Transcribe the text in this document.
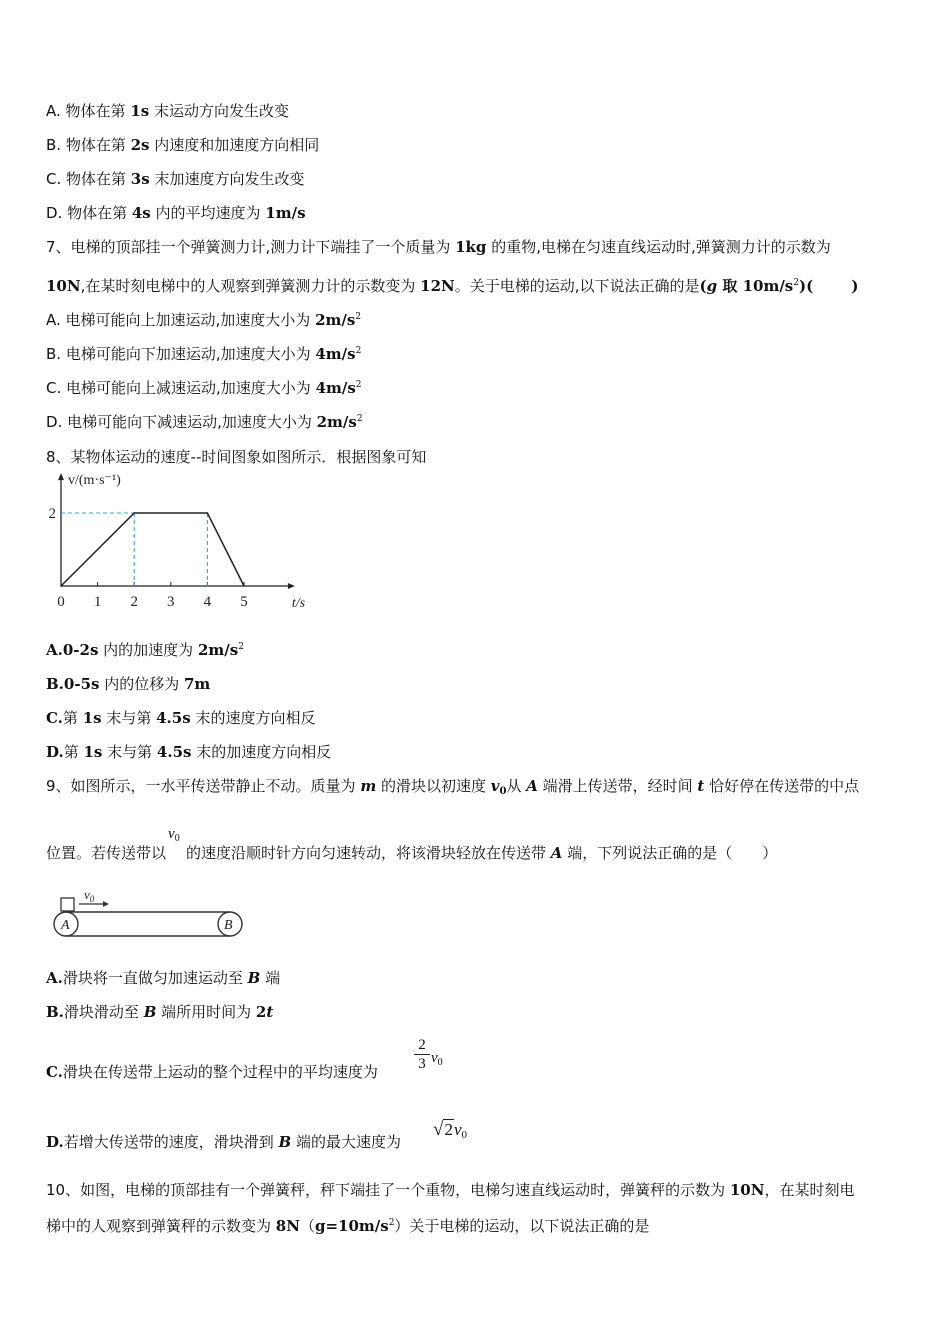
A. 物体在第 1s 末运动方向发生改变
B. 物体在第 2s 内速度和加速度方向相同
C. 物体在第 3s 末加速度方向发生改变
D. 物体在第 4s 内的平均速度为 1m/s
7、电梯的顶部挂一个弹簧测力计,测力计下端挂了一个质量为 1kg 的重物,电梯在匀速直线运动时,弹簧测力计的示数为
10N,在某时刻电梯中的人观察到弹簧测力计的示数变为 12N。关于电梯的运动,以下说法正确的是(g 取 $10m/s^2$)(	)
A. 电梯可能向上加速运动,加速度大小为 $2m/s^2$
B. 电梯可能向下加速运动,加速度大小为 $4m/s^2$
C. 电梯可能向上减速运动,加速度大小为 $4m/s^2$
D. 电梯可能向下减速运动,加速度大小为 $2m/s^2$
8、某物体运动的速度--时间图象如图所示．根据图象可知
0 1 2 3 4 5
2
v/(m·s⁻¹)
t/s
A.0-2s 内的加速度为 $2m/s^2$
B.0-5s 内的位移为 7m
C.第 1s 末与第 4.5s 末的速度方向相反
D.第 1s 末与第 4.5s 末的加速度方向相反
9、如图所示，一水平传送带静止不动。质量为 m 的滑块以初速度 $v_0$从 A 端滑上传送带，经时间 t 恰好停在传送带的中点
位置。若传送带以
$v_0$
的速度沿顺时针方向匀速转动，将该滑块轻放在传送带 A 端，下列说法正确的是（　　）
$v_0$
A	B
A.滑块将一直做匀加速运动至 B 端
B.滑块滑动至 B 端所用时间为 2t
C.滑块在传送带上运动的整个过程中的平均速度为 $\frac{2}{3} v_0$
D.若增大传送带的速度，滑块滑到 B 端的最大速度为
√2v0
10、如图，电梯的顶部挂有一个弹簧秤，秤下端挂了一个重物，电梯匀速直线运动时，弹簧秤的示数为 10N，在某时刻电
梯中的人观察到弹簧秤的示数变为 $8N(g=10m/s^2)$关于电梯的运动，以下说法正确的是
